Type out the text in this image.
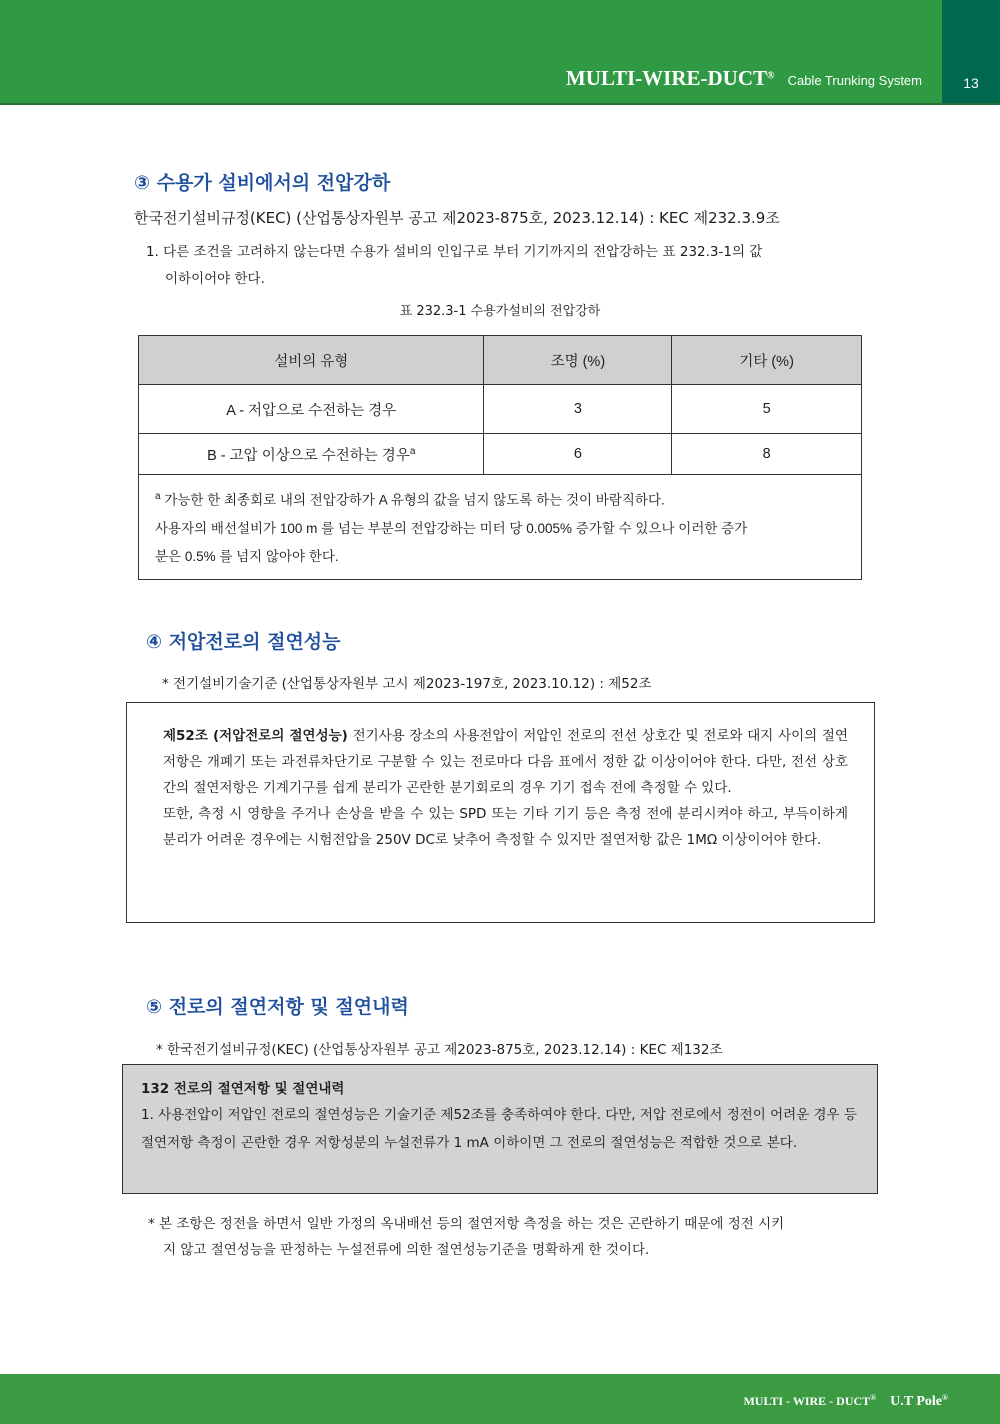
MULTI-WIRE-DUCT® Cable Trunking System	13
③ 수용가 설비에서의 전압강하
한국전기설비규정(KEC) (산업통상자원부 공고 제2023-875호, 2023.12.14) : KEC 제232.3.9조
1. 다른 조건을 고려하지 않는다면 수용가 설비의 인입구로 부터 기기까지의 전압강하는 표 232.3-1의 값
이하이어야 한다.
표 232.3-1 수용가설비의 전압강하
설비의 유형	조명 (%)	기타 (%)
A - 저압으로 수전하는 경우	3	5
B - 고압 이상으로 수전하는 경우$^a$	6	8

$^a$ 가능한 한 최종회로 내의 전압강하가 A 유형의 값을 넘지 않도록 하는 것이 바람직하다.
사용자의 배선설비가 100 m 를 넘는 부분의 전압강하는 미터 당 0.005% 증가할 수 있으나 이러한 증가
분은 0.5% 를 넘지 않아야 한다.		
④ 저압전로의 절연성능
* 전기설비기술기준 (산업통상자원부 고시 제2023-197호, 2023.10.12) : 제52조
제52조 (저압전로의 절연성능) 전기사용 장소의 사용전압이 저압인 전로의 전선 상호간 및 전로와 대지 사이의 절연저항은 개폐기 또는 과전류차단기로 구분할 수 있는 전로마다 다음 표에서 정한 값 이상이어야 한다. 다만, 전선 상호간의 절연저항은 기계기구를 쉽게 분리가 곤란한 분기회로의 경우 기기 접속 전에 측정할 수 있다.
또한, 측정 시 영향을 주거나 손상을 받을 수 있는 SPD 또는 기타 기기 등은 측정 전에 분리시켜야 하고, 부득이하게 분리가 어려운 경우에는 시험전압을 250V DC로 낮추어 측정할 수 있지만 절연저항 값은 1MΩ 이상이어야 한다.
⑤ 전로의 절연저항 및 절연내력
* 한국전기설비규정(KEC) (산업통상자원부 공고 제2023-875호, 2023.12.14) : KEC 제132조
132 전로의 절연저항 및 절연내력
1. 사용전압이 저압인 전로의 절연성능은 기술기준 제52조를 충족하여야 한다. 다만, 저압 전로에서 정전이 어려운 경우 등 절연저항 측정이 곤란한 경우 저항성분의 누설전류가 1 mA 이하이면 그 전로의 절연성능은 적합한 것으로 본다.
* 본 조항은 정전을 하면서 일반 가정의 옥내배선 등의 절연저항 측정을 하는 것은 곤란하기 때문에 정전 시키
지 않고 절연성능을 판정하는 누설전류에 의한 절연성능기준을 명확하게 한 것이다.
MULTI - WIRE - DUCT® U.T Pole®
